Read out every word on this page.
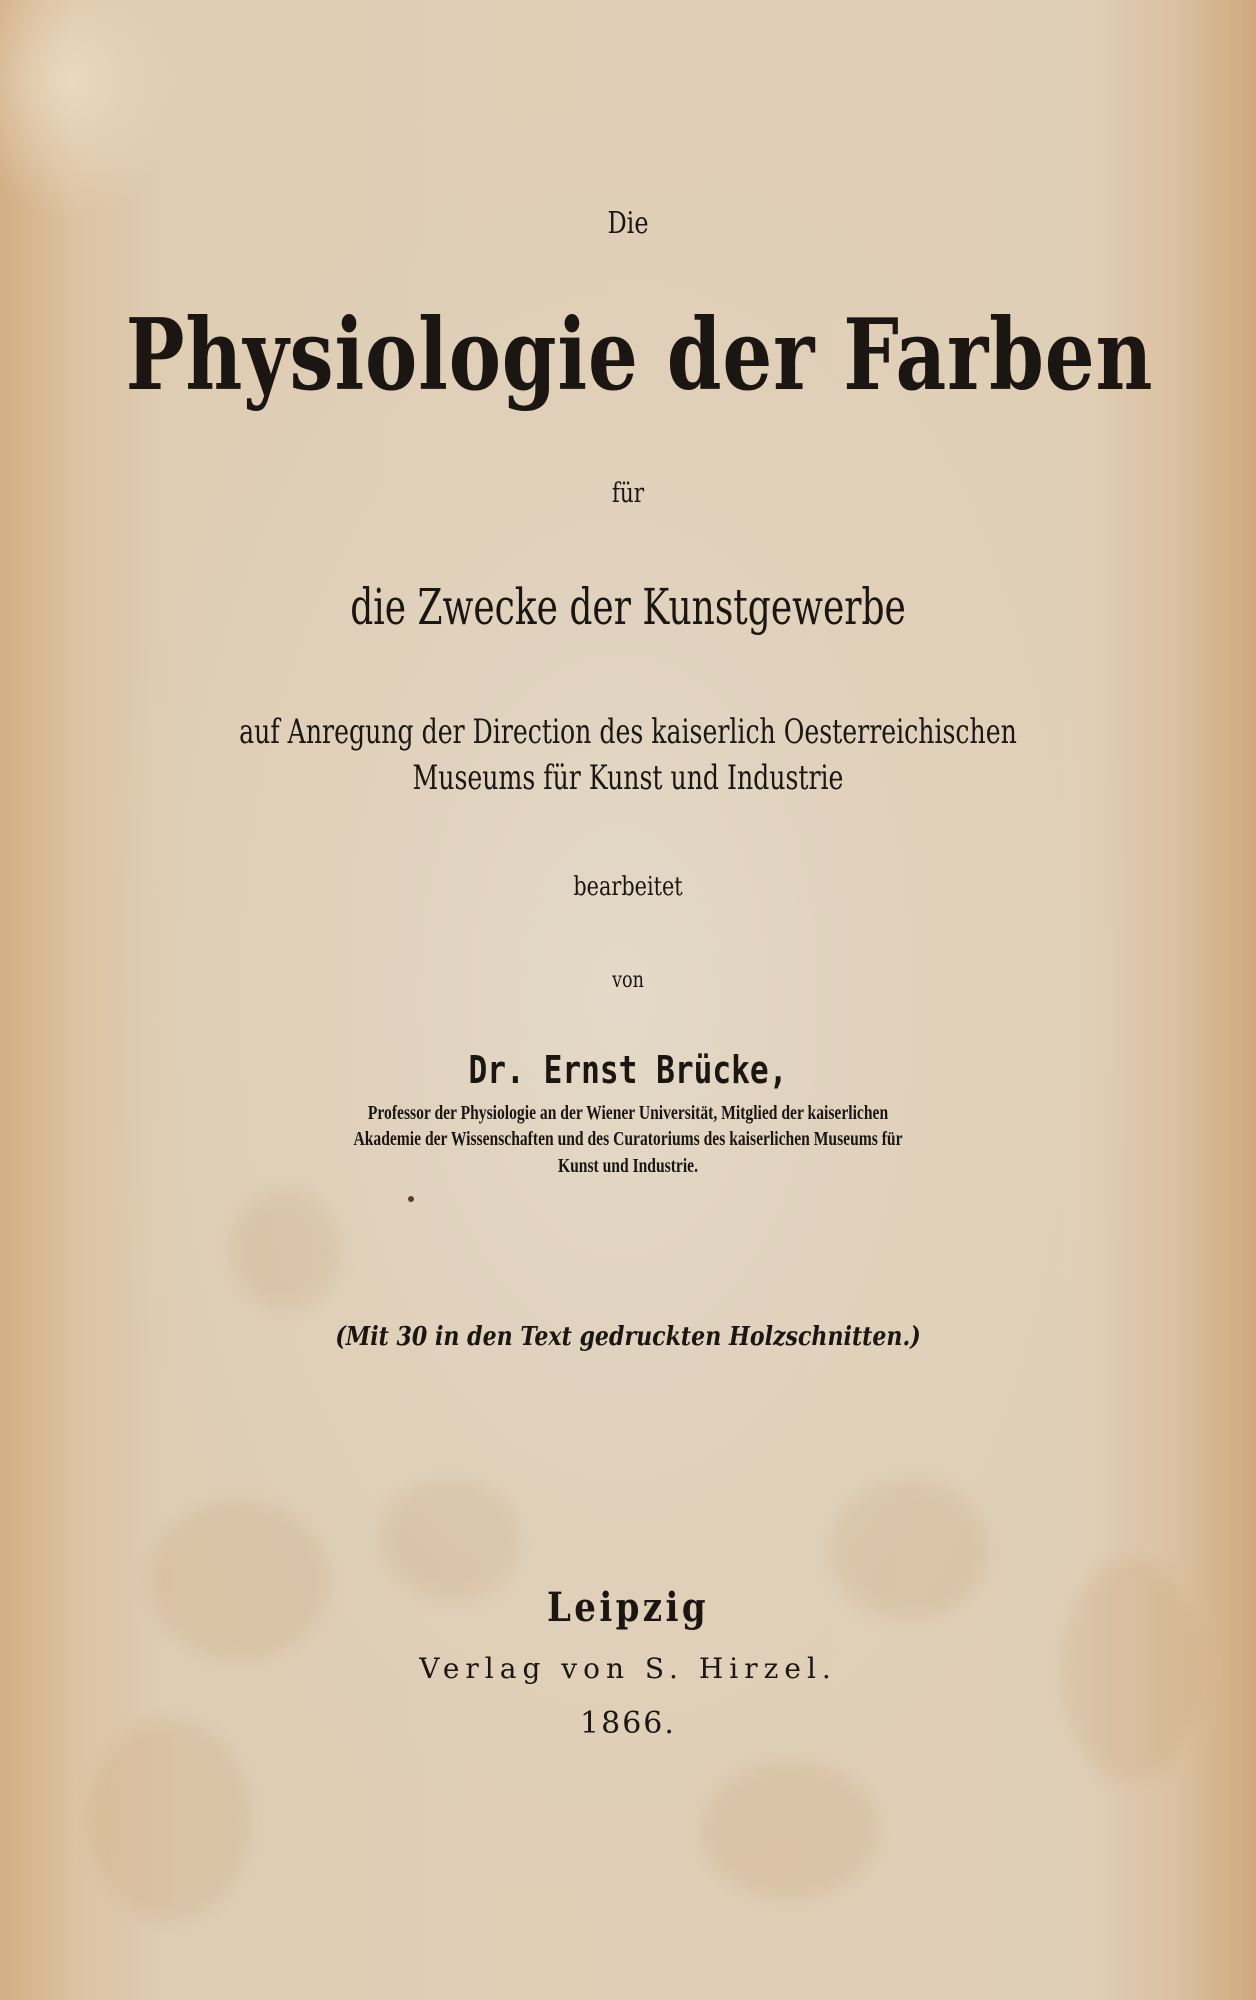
Die
Physiologie der Farben
für
die Zwecke der Kunstgewerbe
auf Anregung der Direction des kaiserlich Oesterreichischen
Museums für Kunst und Industrie
bearbeitet
von
Dr. Ernst Brücke,
Professor der Physiologie an der Wiener Universität, Mitglied der kaiserlichen
Akademie der Wissenschaften und des Curatoriums des kaiserlichen Museums für
Kunst und Industrie.
(Mit 30 in den Text gedruckten Holzschnitten.)
Leipzig
Verlag von S. Hirzel.
1866.
